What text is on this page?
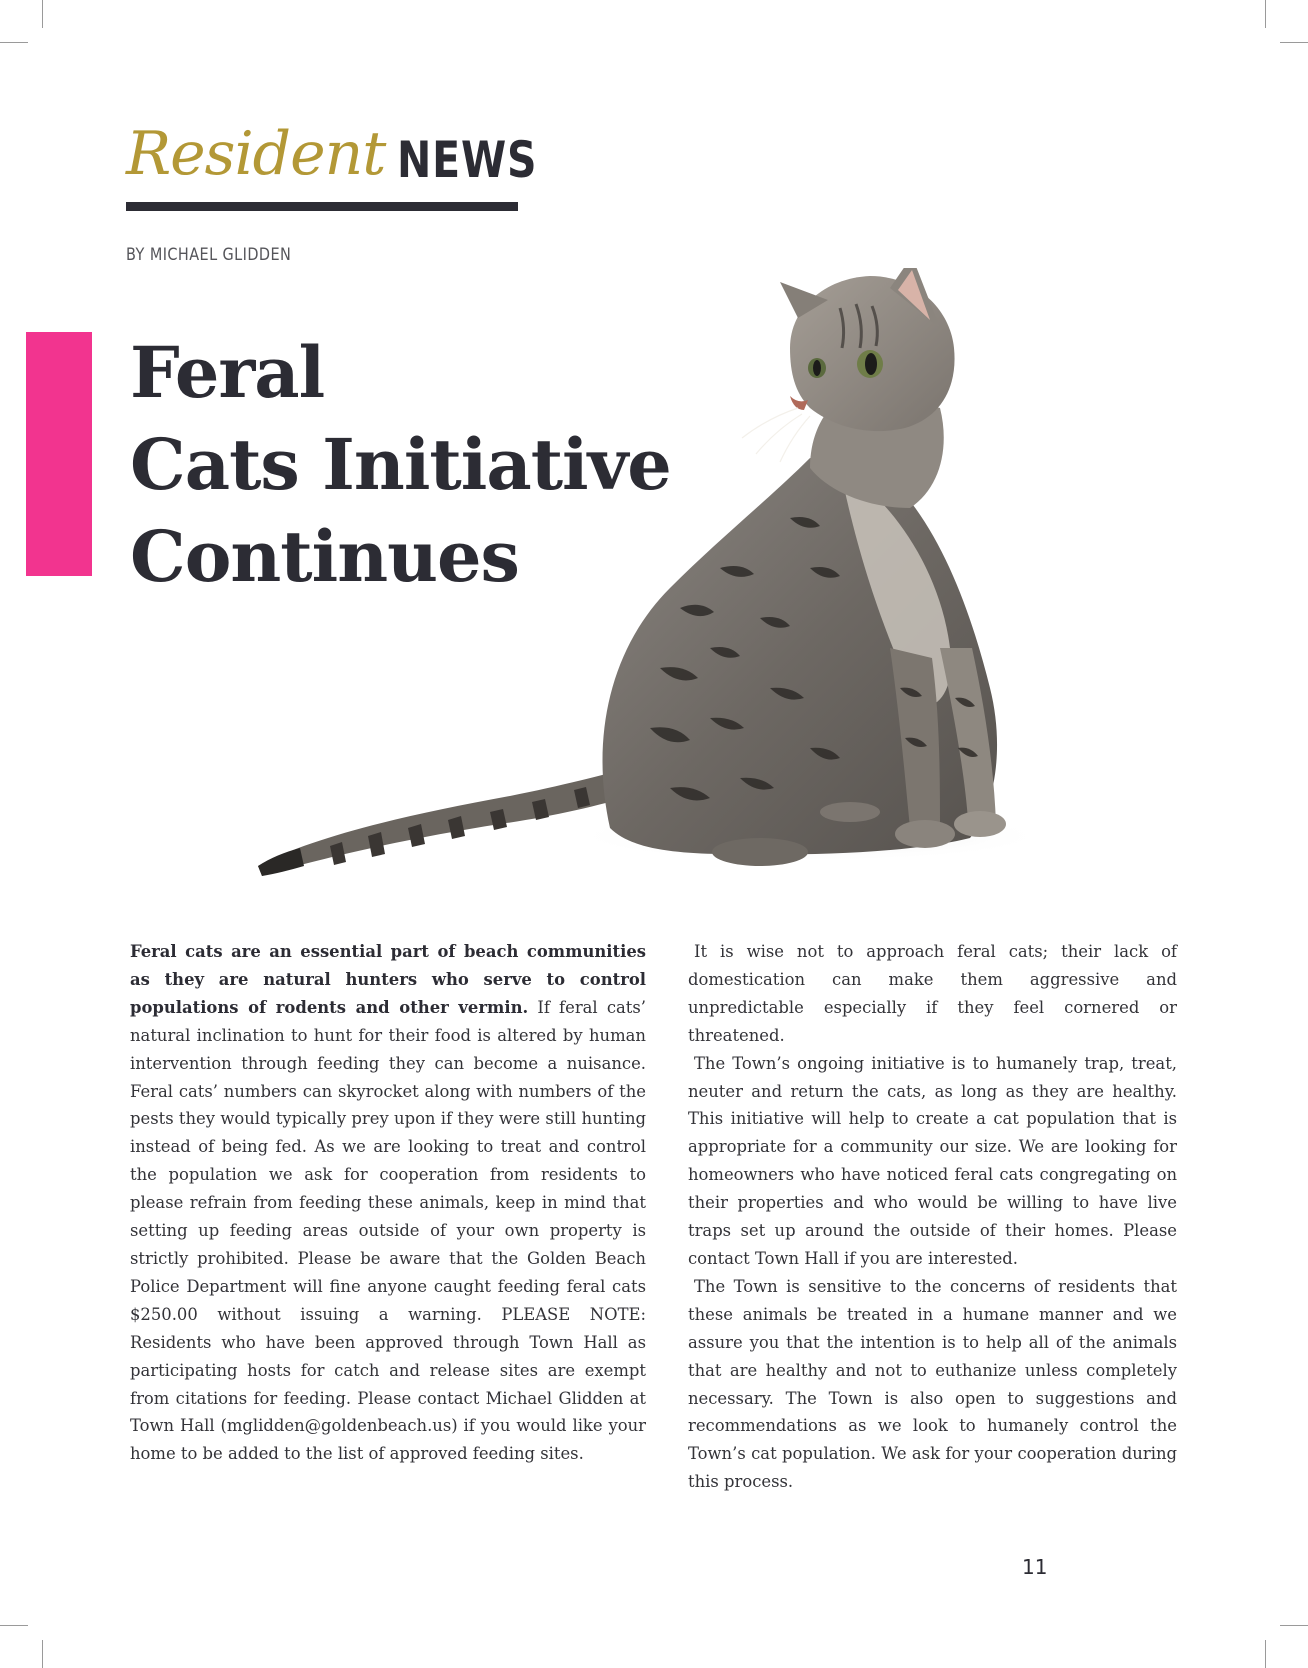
Resident NEWS
BY MICHAEL GLIDDEN
Feral
Cats Initiative
Continues

Feral cats are an essential part of beach communities as they are natural hunters who serve to control populations of rodents and other vermin. If feral cats’ natural inclination to hunt for their food is altered by human intervention through feeding they can become a nuisance. Feral cats’ numbers can skyrocket along with numbers of the pests they would typically prey upon if they were still hunting instead of being fed. As we are looking to treat and control the population we ask for cooperation from residents to please refrain from feeding these animals, keep in mind that setting up feeding areas outside of your own property is strictly prohibited. Please be aware that the Golden Beach Police Department will fine anyone caught feeding feral cats $250.00 without issuing a warning. PLEASE NOTE: Residents who have been approved through Town Hall as participating hosts for catch and release sites are exempt from citations for feeding. Please contact Michael Glidden at Town Hall (mglidden@goldenbeach.us) if you would like your home to be added to the list of approved feeding sites.

It is wise not to approach feral cats; their lack of domestication can make them aggressive and unpredictable especially if they feel cornered or threatened.

The Town’s ongoing initiative is to humanely trap, treat, neuter and return the cats, as long as they are healthy. This initiative will help to create a cat population that is appropriate for a community our size. We are looking for homeowners who have noticed feral cats congregating on their properties and who would be willing to have live traps set up around the outside of their homes. Please contact Town Hall if you are interested.

The Town is sensitive to the concerns of residents that these animals be treated in a humane manner and we assure you that the intention is to help all of the animals that are healthy and not to euthanize unless completely necessary. The Town is also open to suggestions and recommendations as we look to humanely control the Town’s cat population. We ask for your cooperation during this process.

11
